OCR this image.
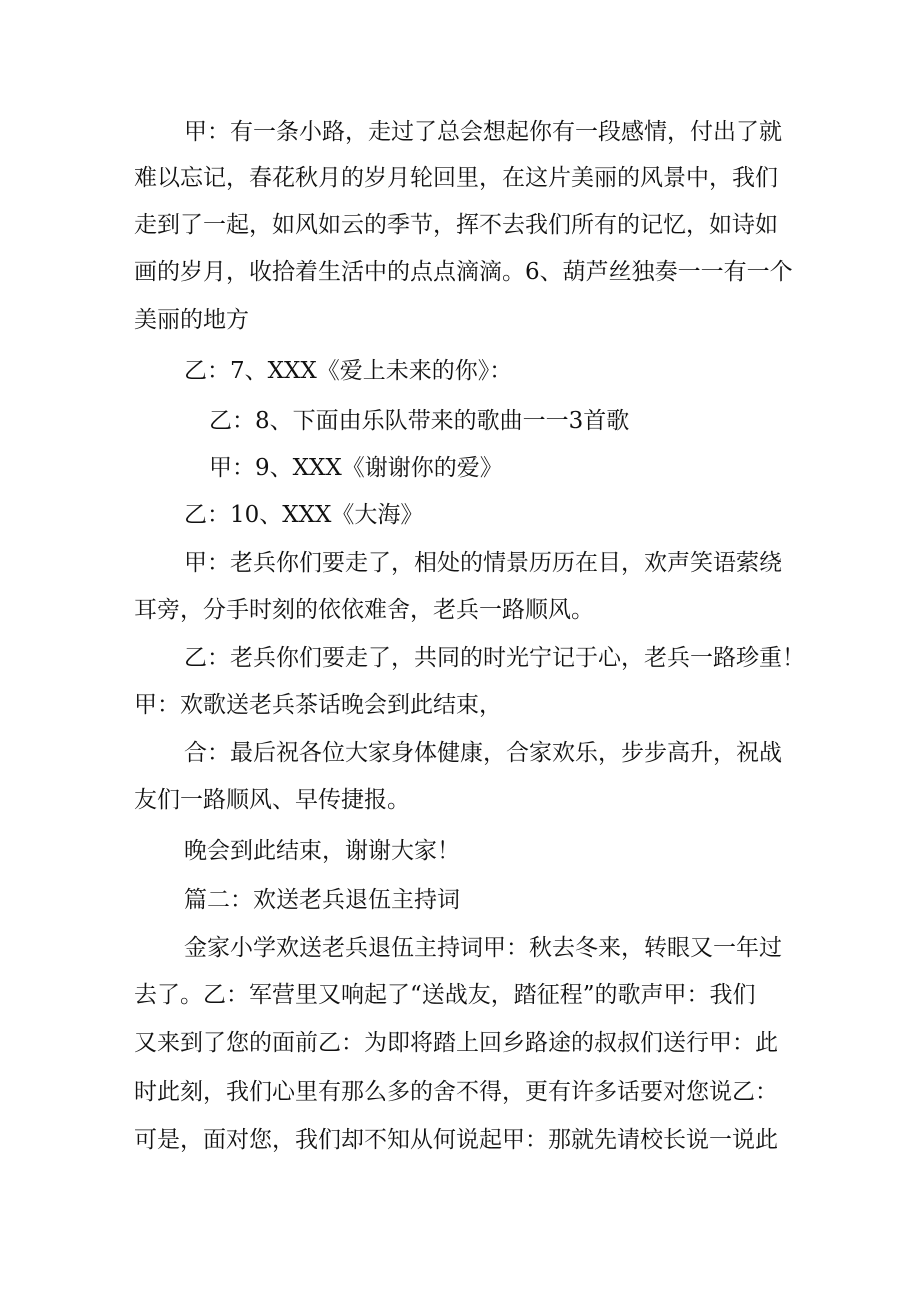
甲：有一条小路，走过了总会想起你有一段感情，付出了就
难以忘记，春花秋月的岁月轮回里，在这片美丽的风景中，我们
走到了一起，如风如云的季节，挥不去我们所有的记忆，如诗如
画的岁月，收拾着生活中的点点滴滴。6、葫芦丝独奏一一有一个
美丽的地方
乙：7、XXX《爱上未来的你》：
乙：8、下面由乐队带来的歌曲一一3首歌
甲：9、XXX《谢谢你的爱》
乙：10、XXX《大海》
甲：老兵你们要走了，相处的情景历历在目，欢声笑语萦绕
耳旁，分手时刻的依依难舍，老兵一路顺风。
乙：老兵你们要走了，共同的时光宁记于心，老兵一路珍重！
甲：欢歌送老兵茶话晚会到此结束，
合：最后祝各位大家身体健康，合家欢乐，步步高升，祝战
友们一路顺风、早传捷报。
晚会到此结束，谢谢大家！
篇二：欢送老兵退伍主持词
金家小学欢送老兵退伍主持词甲：秋去冬来，转眼又一年过
去了。乙：军营里又响起了“送战友，踏征程”的歌声甲：我们
又来到了您的面前乙：为即将踏上回乡路途的叔叔们送行甲：此
时此刻，我们心里有那么多的舍不得，更有许多话要对您说乙：
可是，面对您，我们却不知从何说起甲：那就先请校长说一说此
